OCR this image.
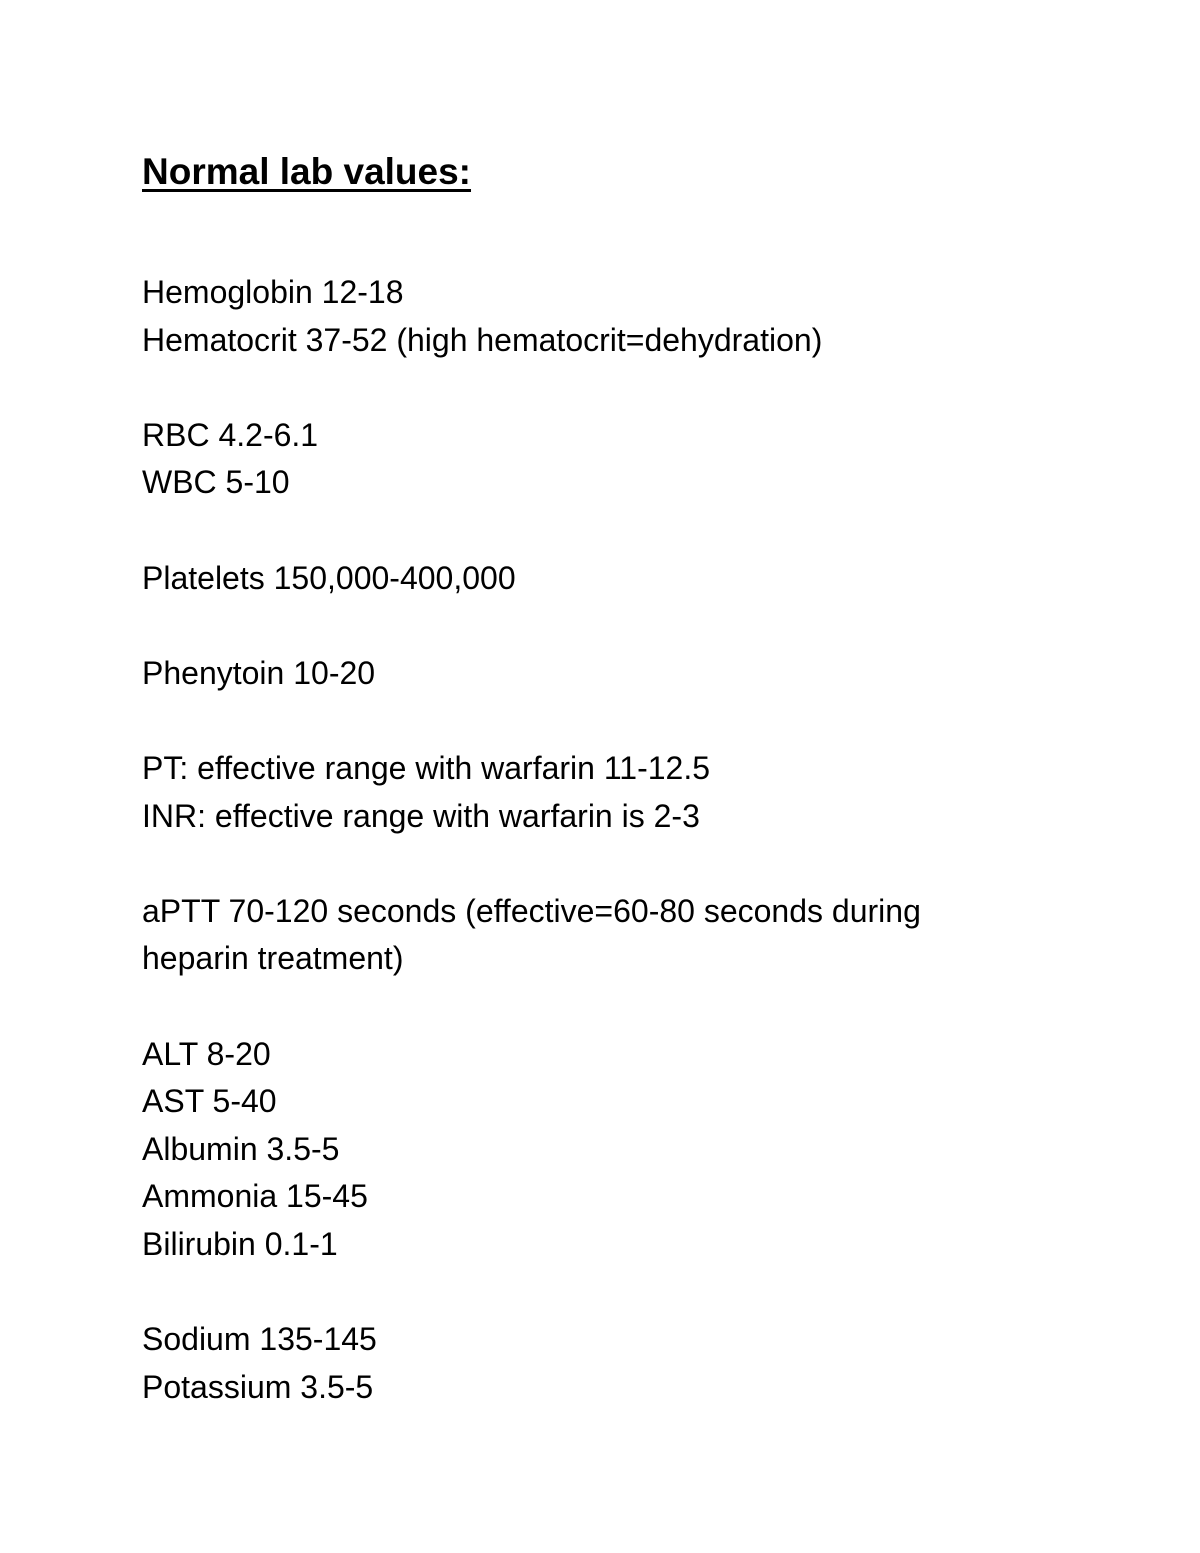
Normal lab values:

Hemoglobin 12-18

Hematocrit 37-52 (high hematocrit=dehydration)

RBC 4.2-6.1

WBC 5-10

Platelets 150,000-400,000

Phenytoin 10-20

PT: effective range with warfarin 11-12.5

INR: effective range with warfarin is 2-3

aPTT 70-120 seconds (effective=60-80 seconds during

heparin treatment)

ALT 8-20

AST 5-40

Albumin 3.5-5

Ammonia 15-45

Bilirubin 0.1-1

Sodium 135-145

Potassium 3.5-5
